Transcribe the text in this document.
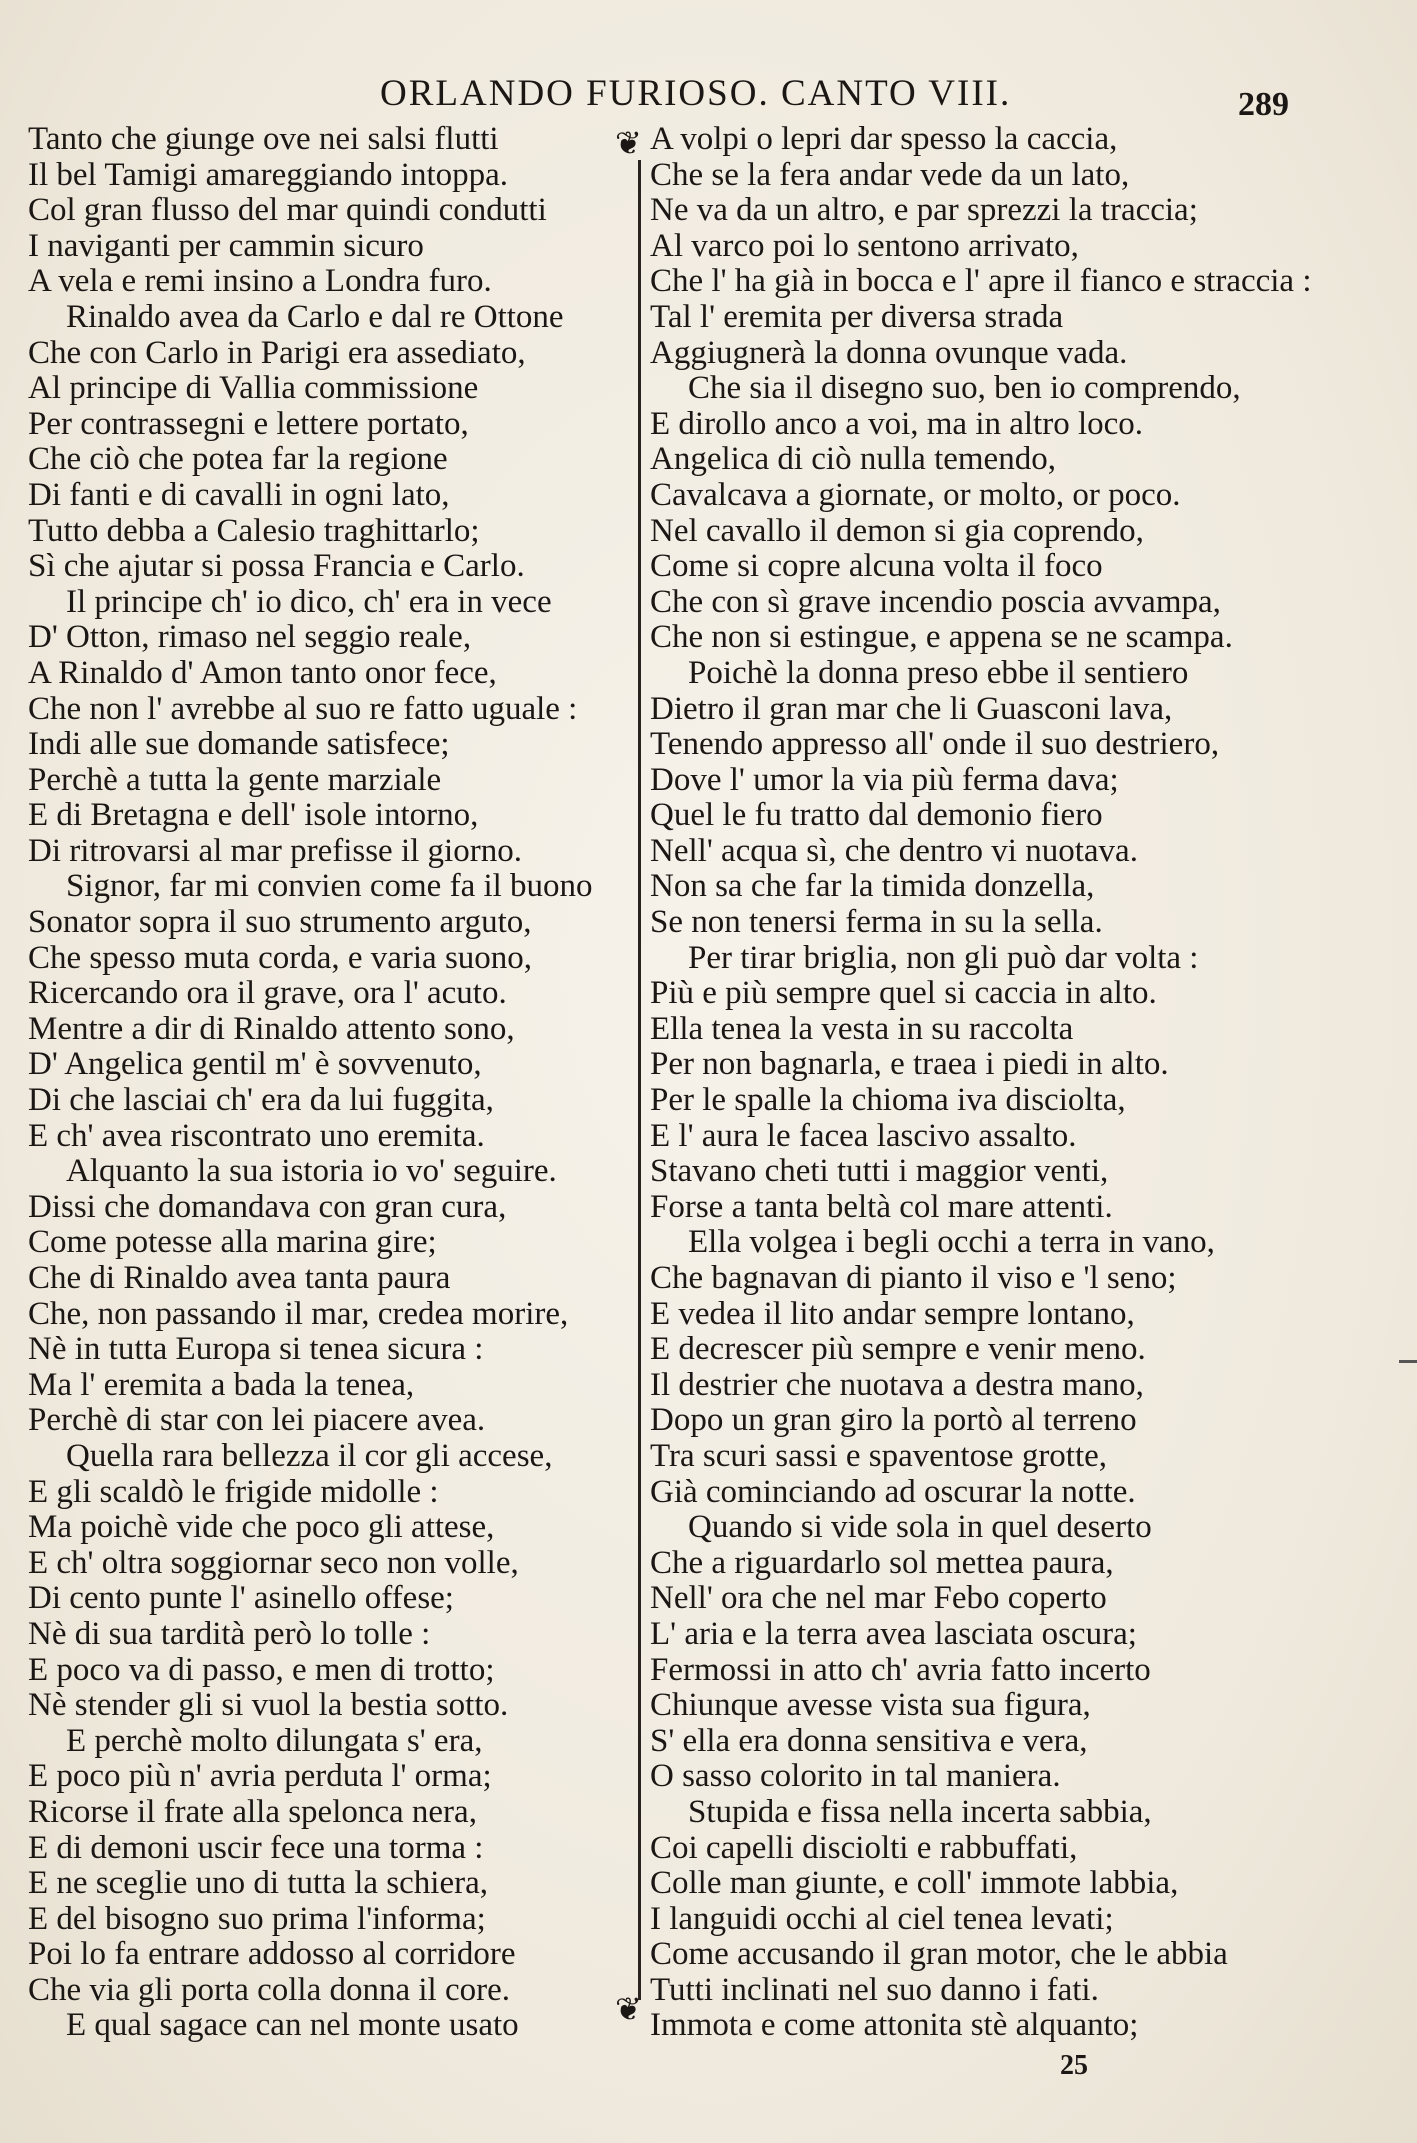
ORLANDO FURIOSO. CANTO VIII.	289
Tanto che giunge ove nei salsi flutti
Il bel Tamigi amareggiando intoppa.
Col gran flusso del mar quindi condutti
I naviganti per cammin sicuro
A vela e remi insino a Londra furo.
Rinaldo avea da Carlo e dal re Ottone
Che con Carlo in Parigi era assediato,
Al principe di Vallia commissione
Per contrassegni e lettere portato,
Che ciò che potea far la regione
Di fanti e di cavalli in ogni lato,
Tutto debba a Calesio traghittarlo;
Sì che ajutar si possa Francia e Carlo.
Il principe ch' io dico, ch' era in vece
D' Otton, rimaso nel seggio reale,
A Rinaldo d' Amon tanto onor fece,
Che non l' avrebbe al suo re fatto uguale :
Indi alle sue domande satisfece;
Perchè a tutta la gente marziale
E di Bretagna e dell' isole intorno,
Di ritrovarsi al mar prefisse il giorno.
Signor, far mi convien come fa il buono
Sonator sopra il suo strumento arguto,
Che spesso muta corda, e varia suono,
Ricercando ora il grave, ora l' acuto.
Mentre a dir di Rinaldo attento sono,
D' Angelica gentil m' è sovvenuto,
Di che lasciai ch' era da lui fuggita,
E ch' avea riscontrato uno eremita.
Alquanto la sua istoria io vo' seguire.
Dissi che domandava con gran cura,
Come potesse alla marina gire;
Che di Rinaldo avea tanta paura
Che, non passando il mar, credea morire,
Nè in tutta Europa si tenea sicura :
Ma l' eremita a bada la tenea,
Perchè di star con lei piacere avea.
Quella rara bellezza il cor gli accese,
E gli scaldò le frigide midolle :
Ma poichè vide che poco gli attese,
E ch' oltra soggiornar seco non volle,
Di cento punte l' asinello offese;
Nè di sua tardità però lo tolle :
E poco va di passo, e men di trotto;
Nè stender gli si vuol la bestia sotto.
E perchè molto dilungata s' era,
E poco più n' avria perduta l' orma;
Ricorse il frate alla spelonca nera,
E di demoni uscir fece una torma :
E ne sceglie uno di tutta la schiera,
E del bisogno suo prima l'informa;
Poi lo fa entrare addosso al corridore
Che via gli porta colla donna il core.
E qual sagace can nel monte usato
❦
❦
A volpi o lepri dar spesso la caccia,
Che se la fera andar vede da un lato,
Ne va da un altro, e par sprezzi la traccia;
Al varco poi lo sentono arrivato,
Che l' ha già in bocca e l' apre il fianco e straccia :
Tal l' eremita per diversa strada
Aggiugnerà la donna ovunque vada.
Che sia il disegno suo, ben io comprendo,
E dirollo anco a voi, ma in altro loco.
Angelica di ciò nulla temendo,
Cavalcava a giornate, or molto, or poco.
Nel cavallo il demon si gia coprendo,
Come si copre alcuna volta il foco
Che con sì grave incendio poscia avvampa,
Che non si estingue, e appena se ne scampa.
Poichè la donna preso ebbe il sentiero
Dietro il gran mar che li Guasconi lava,
Tenendo appresso all' onde il suo destriero,
Dove l' umor la via più ferma dava;
Quel le fu tratto dal demonio fiero
Nell' acqua sì, che dentro vi nuotava.
Non sa che far la timida donzella,
Se non tenersi ferma in su la sella.
Per tirar briglia, non gli può dar volta :
Più e più sempre quel si caccia in alto.
Ella tenea la vesta in su raccolta
Per non bagnarla, e traea i piedi in alto.
Per le spalle la chioma iva disciolta,
E l' aura le facea lascivo assalto.
Stavano cheti tutti i maggior venti,
Forse a tanta beltà col mare attenti.
Ella volgea i begli occhi a terra in vano,
Che bagnavan di pianto il viso e 'l seno;
E vedea il lito andar sempre lontano,
E decrescer più sempre e venir meno.
Il destrier che nuotava a destra mano,
Dopo un gran giro la portò al terreno
Tra scuri sassi e spaventose grotte,
Già cominciando ad oscurar la notte.
Quando si vide sola in quel deserto
Che a riguardarlo sol mettea paura,
Nell' ora che nel mar Febo coperto
L' aria e la terra avea lasciata oscura;
Fermossi in atto ch' avria fatto incerto
Chiunque avesse vista sua figura,
S' ella era donna sensitiva e vera,
O sasso colorito in tal maniera.
Stupida e fissa nella incerta sabbia,
Coi capelli disciolti e rabbuffati,
Colle man giunte, e coll' immote labbia,
I languidi occhi al ciel tenea levati;
Come accusando il gran motor, che le abbia
Tutti inclinati nel suo danno i fati.
Immota e come attonita stè alquanto;
25
